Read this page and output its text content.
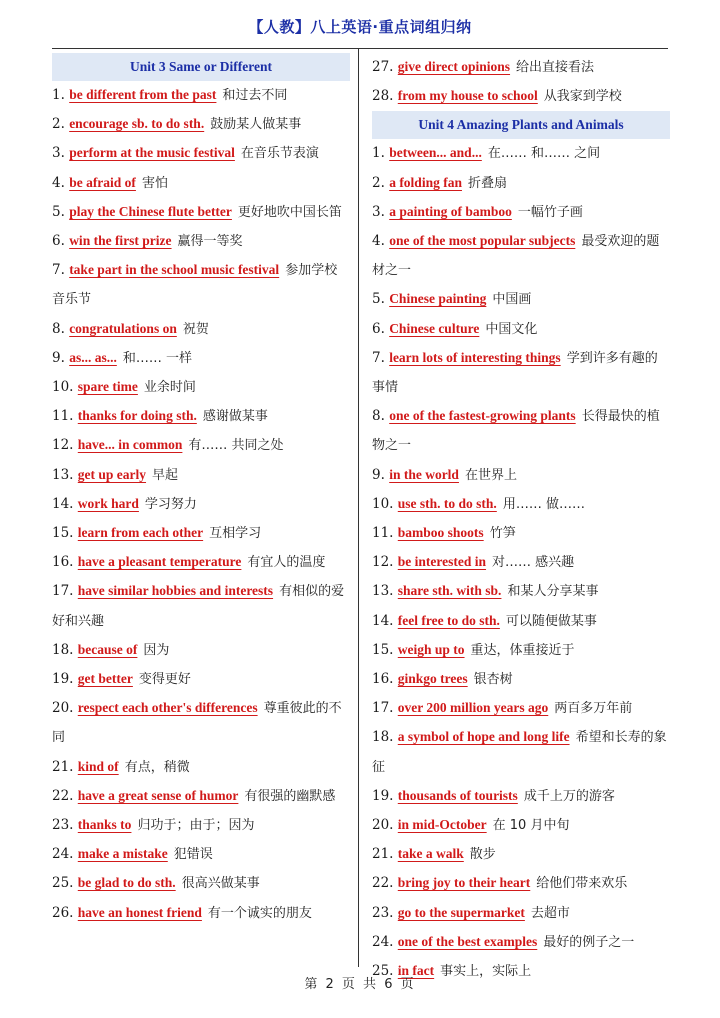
【人教】八上英语·重点词组归纳
Unit 3 Same or Different
1. be different from the past 和过去不同
2. encourage sb. to do sth. 鼓励某人做某事
3. perform at the music festival 在音乐节表演
4. be afraid of 害怕
5. play the Chinese flute better 更好地吹中国长笛
6. win the first prize 赢得一等奖
7. take part in the school music festival 参加学校音乐节
8. congratulations on 祝贺
9. as... as... 和…… 一样
10. spare time 业余时间
11. thanks for doing sth. 感谢做某事
12. have... in common 有…… 共同之处
13. get up early 早起
14. work hard 学习努力
15. learn from each other 互相学习
16. have a pleasant temperature 有宜人的温度
17. have similar hobbies and interests 有相似的爱好和兴趣
18. because of 因为
19. get better 变得更好
20. respect each other's differences 尊重彼此的不同
21. kind of 有点，稍微
22. have a great sense of humor 有很强的幽默感
23. thanks to 归功于；由于；因为
24. make a mistake 犯错误
25. be glad to do sth. 很高兴做某事
26. have an honest friend 有一个诚实的朋友
27. give direct opinions 给出直接看法
28. from my house to school 从我家到学校
Unit 4 Amazing Plants and Animals
1. between... and... 在…… 和…… 之间
2. a folding fan 折叠扇
3. a painting of bamboo 一幅竹子画
4. one of the most popular subjects 最受欢迎的题材之一
5. Chinese painting 中国画
6. Chinese culture 中国文化
7. learn lots of interesting things 学到许多有趣的事情
8. one of the fastest-growing plants 长得最快的植物之一
9. in the world 在世界上
10. use sth. to do sth. 用…… 做……
11. bamboo shoots 竹笋
12. be interested in 对…… 感兴趣
13. share sth. with sb. 和某人分享某事
14. feel free to do sth. 可以随便做某事
15. weigh up to 重达，体重接近于
16. ginkgo trees 银杏树
17. over 200 million years ago 两百多万年前
18. a symbol of hope and long life 希望和长寿的象征
19. thousands of tourists 成千上万的游客
20. in mid-October 在 10 月中旬
21. take a walk 散步
22. bring joy to their heart 给他们带来欢乐
23. go to the supermarket 去超市
24. one of the best examples 最好的例子之一
25. in fact 事实上，实际上
第 2 页 共 6 页
